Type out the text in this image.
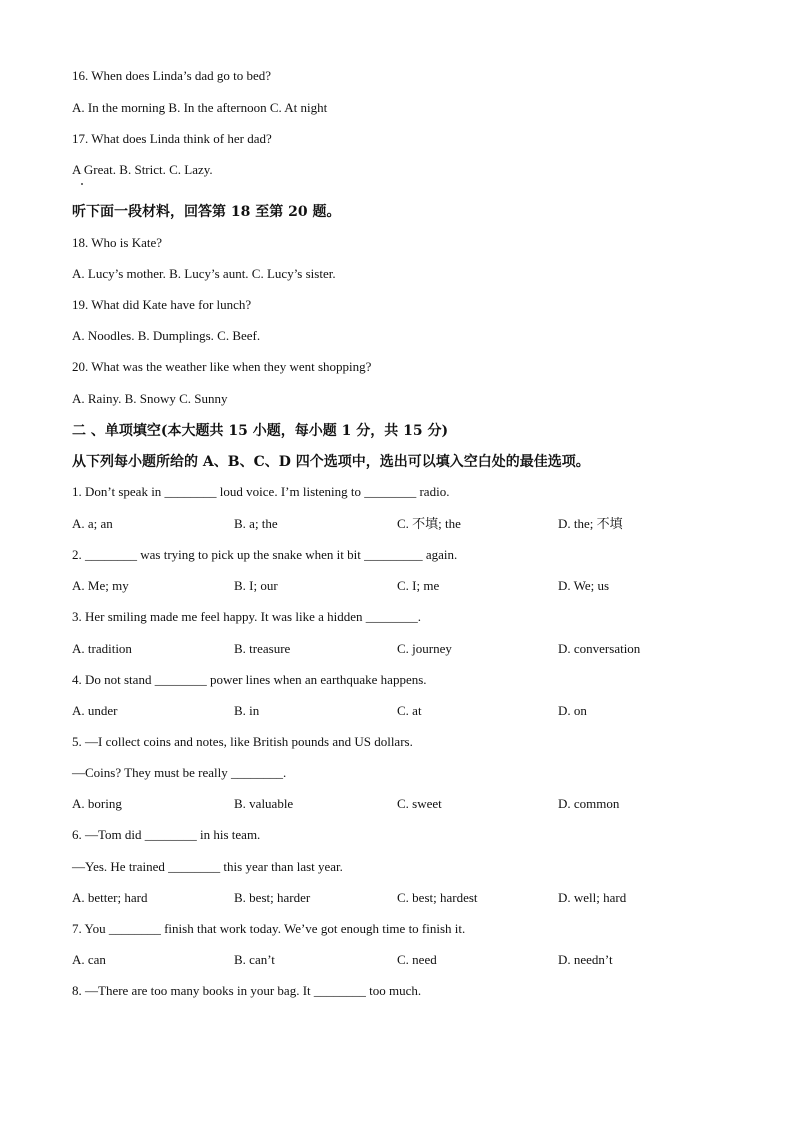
16. When does Linda’s dad go to bed?
A. In the morning B. In the afternoon C. At night
17. What does Linda think of her dad?
A Great. B. Strict. C. Lazy.
听下面一段材料，回答第 18 至第 20 题。
18. Who is Kate?
A. Lucy’s mother. B. Lucy’s aunt. C. Lucy’s sister.
19. What did Kate have for lunch?
A. Noodles. B. Dumplings. C. Beef.
20. What was the weather like when they went shopping?
A. Rainy. B. Snowy C. Sunny
二 、单项填空(本大题共 15 小题，每小题 1 分，共 15 分)
从下列每小题所给的 A、B、C、D 四个选项中，选出可以填入空白处的最佳选项。
1. Don’t speak in ________ loud voice. I’m listening to ________ radio.
A. a; an	B. a; the	C. 不填; the	D. the; 不填
2. ________ was trying to pick up the snake when it bit _________ again.
A. Me; my	B. I; our	C. I; me	D. We; us
3. Her smiling made me feel happy. It was like a hidden ________.
A. tradition	B. treasure	C. journey	D. conversation
4. Do not stand ________ power lines when an earthquake happens.
A. under	B. in	C. at	D. on
5. —I collect coins and notes, like British pounds and US dollars.
—Coins? They must be really ________.
A. boring	B. valuable	C. sweet	D. common
6. —Tom did ________ in his team.
—Yes. He trained ________ this year than last year.
A. better; hard	B. best; harder	C. best; hardest	D. well; hard
7. You ________ finish that work today. We’ve got enough time to finish it.
A. can	B. can’t	C. need	D. needn’t
8. —There are too many books in your bag. It ________ too much.
